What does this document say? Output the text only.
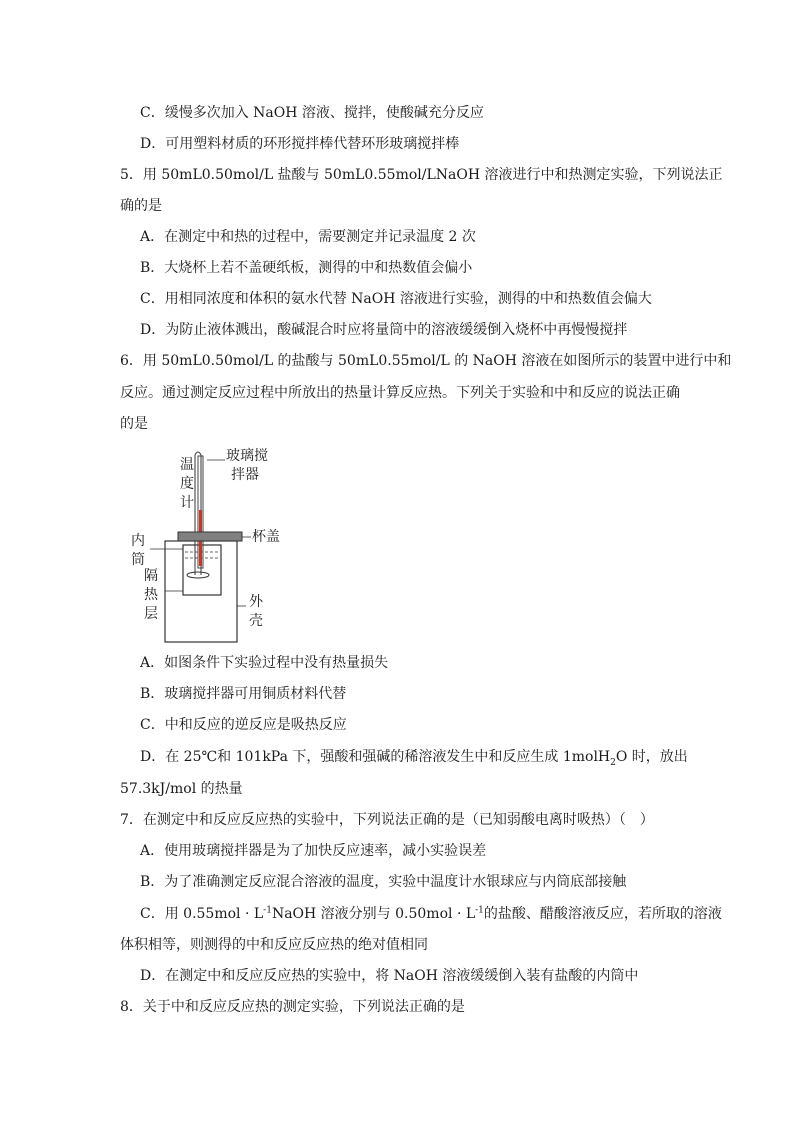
C．缓慢多次加入 NaOH 溶液、搅拌，使酸碱充分反应
D．可用塑料材质的环形搅拌棒代替环形玻璃搅拌棒
5．用 50mL0.50mol/L 盐酸与 50mL0.55mol/LNaOH 溶液进行中和热测定实验，下列说法正
确的是
A．在测定中和热的过程中，需要测定并记录温度 2 次
B．大烧杯上若不盖硬纸板，测得的中和热数值会偏小
C．用相同浓度和体积的氨水代替 NaOH 溶液进行实验，测得的中和热数值会偏大
D．为防止液体溅出，酸碱混合时应将量筒中的溶液缓缓倒入烧杯中再慢慢搅拌
6．用 50mL0.50mol/L 的盐酸与 50mL0.55mol/L 的 NaOH 溶液在如图所示的装置中进行中和
反应。通过测定反应过程中所放出的热量计算反应热。下列关于实验和中和反应的说法正确
的是
温
度
计
玻璃搅
拌器
杯盖
内
筒
隔
热
层
外
壳
A．如图条件下实验过程中没有热量损失
B．玻璃搅拌器可用铜质材料代替
C．中和反应的逆反应是吸热反应
D．在 25℃和 101kPa 下，强酸和强碱的稀溶液发生中和反应生成 1molH$_2$O 时，放出
57.3kJ/mol 的热量
7．在测定中和反应反应热的实验中，下列说法正确的是（已知弱酸电离时吸热）（　）
A．使用玻璃搅拌器是为了加快反应速率，减小实验误差
B．为了准确测定反应混合溶液的温度，实验中温度计水银球应与内筒底部接触
C．用 $0.55mol \cdot L^{-1}NaOH$ 溶液分别与 $0.50mol \cdot L^{-1}$的盐酸、醋酸溶液反应，若所取的溶液
体积相等，则测得的中和反应反应热的绝对值相同
D．在测定中和反应反应热的实验中，将 NaOH 溶液缓缓倒入装有盐酸的内筒中
8．关于中和反应反应热的测定实验，下列说法正确的是
